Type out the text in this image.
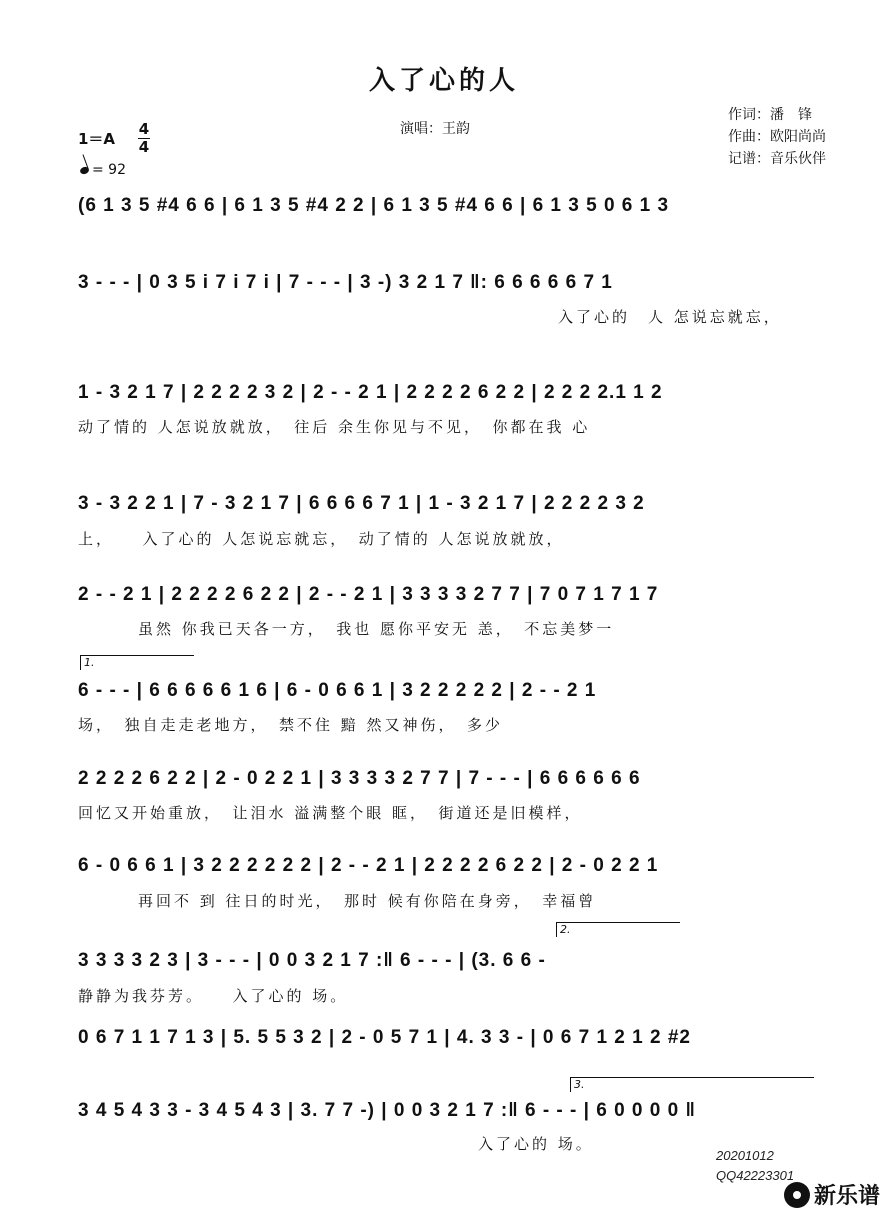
入了心的人
演唱：王韵
作词：潘　锋
作曲：欧阳尚尚
记谱：音乐伙伴
1＝A
4
4
= 92
(6 1 3 5 #4 6 6 | 6 1 3 5 #4 2 2 | 6 1 3 5 #4 6 6 | 6 1 3 5 0 6 1 3
3 - - - | 0 3 5 i 7 i 7 i | 7 - - - | 3 -) 3 2 1 7 ‖: 6 6 6 6 6 7 1
入了心的　人 怎说忘就忘，
1 - 3 2 1 7 | 2 2 2 2 3 2 | 2 - - 2 1 | 2 2 2 2 6 2 2 | 2 2 2 2.1 1 2
动了情的 人怎说放就放，　往后 余生你见与不见，　你都在我 心
3 - 3 2 2 1 | 7 - 3 2 1 7 | 6 6 6 6 7 1 | 1 - 3 2 1 7 | 2 2 2 2 3 2
上，　　入了心的 人怎说忘就忘，　动了情的 人怎说放就放，
2 - - 2 1 | 2 2 2 2 6 2 2 | 2 - - 2 1 | 3 3 3 3 2 7 7 | 7 0 7 1 7 1 7
虽然 你我已天各一方，　我也 愿你平安无 恙，　不忘美梦一
1.
6 - - - | 6 6 6 6 6 1 6 | 6 - 0 6 6 1 | 3 2 2 2 2 2 | 2 - - 2 1
场，　独自走走老地方，　禁不住 黯 然又神伤，　多少
2 2 2 2 6 2 2 | 2 - 0 2 2 1 | 3 3 3 3 2 7 7 | 7 - - - | 6 6 6 6 6 6
回忆又开始重放，　让泪水 溢满整个眼 眶，　街道还是旧模样，
6 - 0 6 6 1 | 3 2 2 2 2 2 2 | 2 - - 2 1 | 2 2 2 2 6 2 2 | 2 - 0 2 2 1
再回不 到 往日的时光，　那时 候有你陪在身旁，　幸福曾
2.
3 3 3 3 2 3 | 3 - - - | 0 0 3 2 1 7 :‖ 6 - - - | (3. 6 6 -
静静为我芬芳。　　入了心的 场。
0 6 7 1 1 7 1 3 | 5. 5 5 3 2 | 2 - 0 5 7 1 | 4. 3 3 - | 0 6 7 1 2 1 2 #2
3.
3 4 5 4 3 3 - 3 4 5 4 3 | 3. 7 7 -) | 0 0 3 2 1 7 :‖ 6 - - - | 6 0 0 0 0 ‖
入了心的 场。
20201012
QQ42223301
新乐谱
